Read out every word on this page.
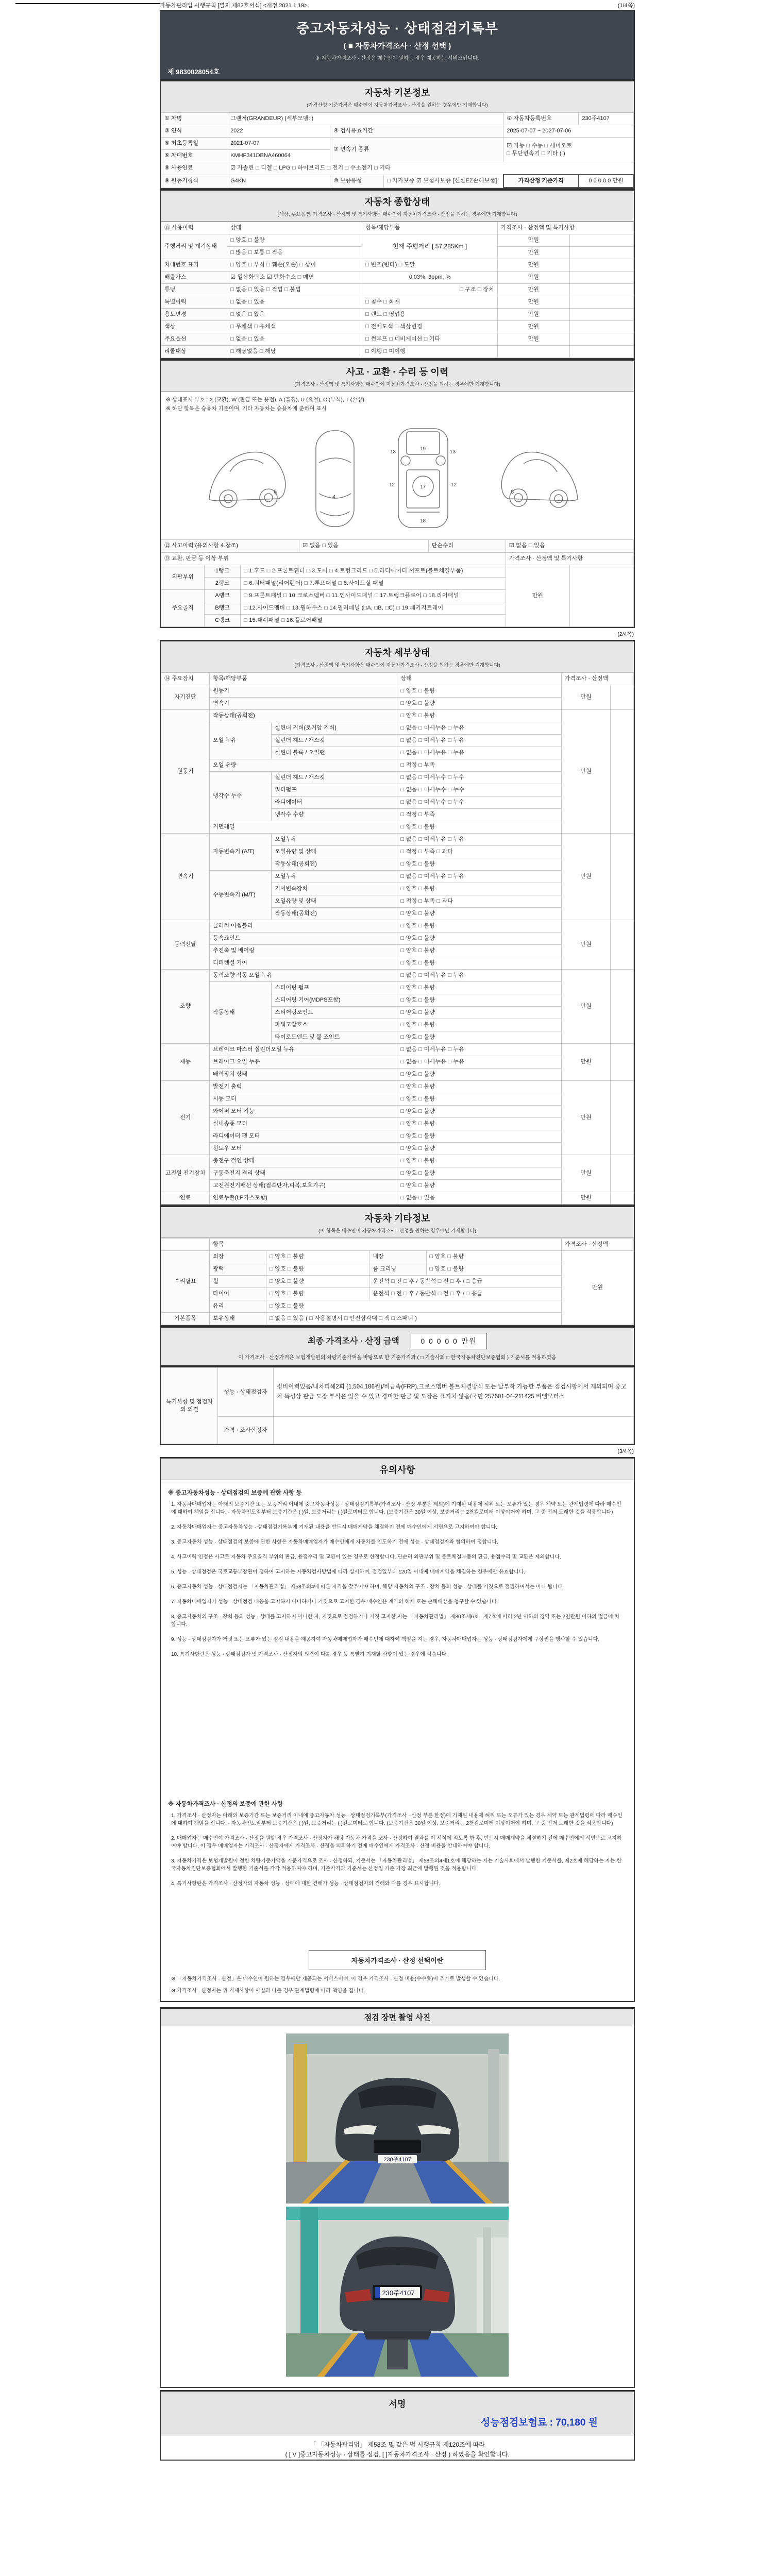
자동차관리법 시행규칙 [별지 제82호서식] <개정 2021.1.19>	(1/4쪽)
중고자동차성능 · 상태점검기록부
( ■ 자동차가격조사 · 산정 선택 )
※ 자동차가격조사 · 산정은 매수인이 원하는 경우 제공하는 서비스입니다.
제 9830028054호
자동차 기본정보
(가격산정 기준가격은 매수인이 자동차가격조사 · 산정을 원하는 경우에만 기재합니다)
① 차명	그랜저(GRANDEUR) (세부모델: )			② 자동차등록번호	230주4107
③ 연식	2022	④ 검사유효기간		2025-07-07 ~ 2027-07-06	
⑤ 최초등록일	2021-07-07	⑦ 변속기 종류		☑ 자동 □ 수동 □ 세미오토
□ 무단변속기 □ 기타 ( )	

⑥ 차대번호	KMHF341DBNA460064				
⑧ 사용연료	☑ 가솔린 □ 디젤 □ LPG □ 하이브리드 □ 전기 □ 수소전기 □ 기타				
⑨ 원동기형식	G4KN	⑩ 보증유형	□ 자가보증 ☑ 보험사보증 [신한EZ손해보험]	가격산정 기준가격	0 0 0 0 0 만원
자동차 종합상태
(색상, 주요옵션, 가격조사 · 산정액 및 특기사항은 매수인이 자동차가격조사 · 산정을 원하는 경우에만 기재합니다)
⑪ 사용이력	상태	항목/해당부품	가격조사 · 산정액 및 특기사항	
주행거리 및 계기상태	□ 양호 □ 불량	현재 주행거리 [ 57,285Km ]	만원	
	□ 많음 □ 보통 □ 적음		만원	
차대번호 표기	□ 양호 □ 부식 □ 훼손(오손) □ 상이	□ 변조(변타) □ 도말	만원	
배출가스	☑ 일산화탄소 ☑ 탄화수소 □ 매연	0.03%, 3ppm, %	만원	
튜닝	□ 없음 □ 있음 □ 적법 □ 불법	□ 구조 □ 장치	만원	
특별이력	□ 없음 □ 있음	□ 침수 □ 화재	만원	
용도변경	□ 없음 □ 있음	□ 렌트 □ 영업용	만원	
색상	□ 무채색 □ 유채색	□ 전체도색 □ 색상변경	만원	
주요옵션	□ 없음 □ 있음	□ 썬루프 □ 네비게이션 □ 기타	만원	
리콜대상	□ 해당없음 □ 해당	□ 이행 □ 미이행		
사고 · 교환 · 수리 등 이력
(가격조사 · 산정액 및 특기사항은 매수인이 자동차가격조사 · 산정을 원하는 경우에만 기재합니다)
※ 상태표시 부호 : X (교환), W (판금 또는 용접), A (흠집), U (요철), C (부식), T (손상)
※ 하단 항목은 승용차 기준이며, 기타 자동차는 승용차에 준하여 표시
6
4
13
19
13
12	17	12
18
6
⑫ 사고이력 (유의사항 4.참조)	☑ 없음 □ 있음	단순수리	☑ 없음 □ 있음
⑬ 교환, 판금 등 이상 부위			가격조사 · 산정액 및 특기사항	
외판부위	1랭크	□ 1.후드 □ 2.프론트휀더 □ 3.도어 □ 4.트렁크리드 □ 5.라디에이터 서포트(볼트체결부품)	만원	
	2랭크	□ 6.쿼터패널(리어휀더) □ 7.루프패널 □ 8.사이드실 패널		
주요골격	A랭크	□ 9.프론트패널 □ 10.크로스멤버 □ 11.인사이드패널 □ 17.트렁크플로어 □ 18.리어패널		
	B랭크	□ 12.사이드멤버 □ 13.휠하우스 □ 14.필러패널 (□A, □B, □C) □ 19.패키지트레이		
	C랭크	□ 15.대쉬패널 □ 16.플로어패널		
(2/4쪽)
자동차 세부상태
(가격조사 · 산정액 및 특기사항은 매수인이 자동차가격조사 · 산정을 원하는 경우에만 기재합니다)
⑭ 주요장치	항목/해당부품		상태	가격조사 · 산정액	
자기진단	원동기		□ 양호 □ 불량	만원	
	변속기		□ 양호 □ 불량		
원동기	작동상태(공회전)		□ 양호 □ 불량	만원	
	오일 누유	실린더 커버(로커암 커버)	□ 없음 □ 미세누유 □ 누유		
		실린더 헤드 / 개스킷	□ 없음 □ 미세누유 □ 누유		
		실린더 블록 / 오일팬	□ 없음 □ 미세누유 □ 누유		
	오일 유량		□ 적정 □ 부족		
	냉각수 누수	실린더 헤드 / 개스킷	□ 없음 □ 미세누수 □ 누수		
		워터펌프	□ 없음 □ 미세누수 □ 누수		
		라디에이터	□ 없음 □ 미세누수 □ 누수		
		냉각수 수량	□ 적정 □ 부족		
	커먼레일		□ 양호 □ 불량		
변속기	자동변속기 (A/T)	오일누유	□ 없음 □ 미세누유 □ 누유	만원	
		오일유량 및 상태	□ 적정 □ 부족 □ 과다		
		작동상태(공회전)	□ 양호 □ 불량		
	수동변속기 (M/T)	오일누유	□ 없음 □ 미세누유 □ 누유		
		기어변속장치	□ 양호 □ 불량		
		오일유량 및 상태	□ 적정 □ 부족 □ 과다		
		작동상태(공회전)	□ 양호 □ 불량		
동력전달	클러치 어셈블리		□ 양호 □ 불량	만원	
	등속죠인트		□ 양호 □ 불량		
	추진축 및 베어링		□ 양호 □ 불량		
	디퍼렌셜 기어		□ 양호 □ 불량		
조향	동력조향 작동 오일 누유		□ 없음 □ 미세누유 □ 누유	만원	
	작동상태	스티어링 펌프	□ 양호 □ 불량		
		스티어링 기어(MDPS포함)	□ 양호 □ 불량		
		스티어링조인트	□ 양호 □ 불량		
		파워고압호스	□ 양호 □ 불량		
		타이로드엔드 및 볼 조인트	□ 양호 □ 불량		
제동	브레이크 마스터 실린더오일 누유		□ 없음 □ 미세누유 □ 누유	만원	
	브레이크 오일 누유		□ 없음 □ 미세누유 □ 누유		
	배력장치 상태		□ 양호 □ 불량		
전기	발전기 출력		□ 양호 □ 불량	만원	
	시동 모터		□ 양호 □ 불량		
	와이퍼 모터 기능		□ 양호 □ 불량		
	실내송풍 모터		□ 양호 □ 불량		
	라디에이터 팬 모터		□ 양호 □ 불량		
	윈도우 모터		□ 양호 □ 불량		
고전원 전기장치	충전구 절연 상태		□ 양호 □ 불량	만원	
	구동축전지 격리 상태		□ 양호 □ 불량		
	고전원전기배선 상태(접속단자,피복,보호기구)		□ 양호 □ 불량		
연료	연료누출(LP가스포함)		□ 없음 □ 있음	만원	
자동차 기타정보
(이 항목은 매수인이 자동차가격조사 · 산정을 원하는 경우에만 기재합니다)
	항목				가격조사 · 산정액
수리필요	외장	□ 양호 □ 불량	내장	□ 양호 □ 불량	만원
	광택	□ 양호 □ 불량	룸 크리닝	□ 양호 □ 불량	
	휠	□ 양호 □ 불량	운전석 □ 전 □ 후 / 동반석 □ 전 □ 후 / □ 응급		
	타이어	□ 양호 □ 불량	운전석 □ 전 □ 후 / 동반석 □ 전 □ 후 / □ 응급		
	유리	□ 양호 □ 불량			
기본품목	보유상태	□ 없음 □ 있음 ( □ 사용설명서 □ 안전삼각대 □ 잭 □ 스패너 )			
최종 가격조사 · 산정 금액	0 0 0 0 0 만원
이 가격조사 · 산정가격은 보험개발원의 차량기준가액을 바탕으로 한 기준가격과 ( □ 기술사회 □ 한국자동차진단보증협회 ) 기준서를 적용하였음
특기사항 및 점검자의 의견	성능 · 상태점검자	정비이력있음/내차피해2회 (1,504,186원)/비금속(FRP),크로스멤버 볼트체결방식 또는 탈부착 가능한 부품은 점검사항에서 제외되며 중고차 특성상 판금 도장 부식은 있을 수 있고 경미한 판금 및 도장은 표기치 않음/국민 257601-04-211425 비엠모터스
	가격 · 조사산정자	
(3/4쪽)
유의사항
※ 중고자동차성능 · 상태점검의 보증에 관한 사항 등
1. 자동차매매업자는 아래의 보증기간 또는 보증거리 이내에 중고자동차성능 · 상태점검기록부(가격조사 · 산정 부분은 제외)에 기재된 내용에 허위 또는 오류가 있는 경우 계약 또는 관계법령에 따라 매수인에 대하여 책임을 집니다. · 자동차인도일부터 보증기간은 ( )일, 보증거리는 ( )킬로미터로 합니다. (보증기간은 30일 이상, 보증거리는 2천킬로미터 이상이어야 하며, 그 중 먼저 도래한 것을 적용합니다)
2. 자동차매매업자는 중고자동차성능 · 상태점검기록부에 기재된 내용을 반드시 매매계약을 체결하기 전에 매수인에게 서면으로 고지하여야 합니다.
3. 중고자동차 성능 · 상태점검의 보증에 관한 사항은 자동차매매업자가 매수인에게 자동차를 인도하기 전에 성능 · 상태점검자와 협의하여 정합니다.
4. 사고이력 인정은 사고로 자동차 주요골격 부위의 판금, 용접수리 및 교환이 있는 경우로 한정합니다. 단순히 외판부위 및 볼트체결부품의 판금, 용접수리 및 교환은 제외합니다.
5. 성능 · 상태점검은 국토교통부장관이 정하여 고시하는 자동차검사방법에 따라 실시하며, 점검일부터 120일 이내에 매매계약을 체결하는 경우에만 유효합니다.
6. 중고자동차 성능 · 상태점검자는 「자동차관리법」 제58조의4에 따른 자격을 갖추어야 하며, 해당 자동차의 구조 · 장치 등의 성능 · 상태를 거짓으로 점검하여서는 아니 됩니다.
7. 자동차매매업자가 성능 · 상태점검 내용을 고지하지 아니하거나 거짓으로 고지한 경우 매수인은 계약의 해제 또는 손해배상을 청구할 수 있습니다.
8. 중고자동차의 구조 · 장치 등의 성능 · 상태를 고지하지 아니한 자, 거짓으로 점검하거나 거짓 고지한 자는 「자동차관리법」 제80조제6호 · 제7호에 따라 2년 이하의 징역 또는 2천만원 이하의 벌금에 처합니다.
9. 성능 · 상태점검자가 거짓 또는 오류가 있는 점검 내용을 제공하여 자동차매매업자가 매수인에 대하여 책임을 지는 경우, 자동차매매업자는 성능 · 상태점검자에게 구상권을 행사할 수 있습니다.
10. 특기사항란은 성능 · 상태점검자 및 가격조사 · 산정자의 의견이 다를 경우 등 특별히 기재할 사항이 있는 경우에 적습니다.
※ 자동차가격조사 · 산정의 보증에 관한 사항
1. 가격조사 · 산정자는 아래의 보증기간 또는 보증거리 이내에 중고자동차 성능 · 상태점검기록부(가격조사 · 산정 부분 한정)에 기재된 내용에 허위 또는 오류가 있는 경우 계약 또는 관계법령에 따라 매수인에 대하여 책임을 집니다. · 자동차인도일부터 보증기간은 ( )일, 보증거리는 ( )킬로미터로 합니다. (보증기간은 30일 이상, 보증거리는 2천킬로미터 이상이어야 하며, 그 중 먼저 도래한 것을 적용합니다)
2. 매매업자는 매수인이 가격조사 · 산정을 원할 경우 가격조사 · 산정자가 해당 자동차 가격을 조사 · 산정하여 결과를 이 서식에 적도록 한 후, 반드시 매매계약을 체결하기 전에 매수인에게 서면으로 고지하여야 합니다. 이 경우 매매업자는 가격조사 · 산정자에게 가격조사 · 산정을 의뢰하기 전에 매수인에게 가격조사 · 산정 비용을 안내하여야 합니다.
3. 자동차가격은 보험개발원이 정한 차량기준가액을 기준가격으로 조사 · 산정하되, 기준서는 「자동차관리법」 제58조의4제1호에 해당하는 자는 기술사회에서 발행한 기준서를, 제2호에 해당하는 자는 한국자동차진단보증협회에서 발행한 기준서를 각각 적용하여야 하며, 기준가격과 기준서는 산정일 기준 가장 최근에 발행된 것을 적용합니다.
4. 특기사항란은 가격조사 · 산정자의 자동차 성능 · 상태에 대한 견해가 성능 · 상태점검자의 견해와 다를 경우 표시합니다.
자동차가격조사 · 산정 선택이란
※ 「자동차가격조사 · 산정」은 매수인이 원하는 경우에만 제공되는 서비스이며, 이 경우 가격조사 · 산정 비용(수수료)이 추가로 발생할 수 있습니다.
※ 가격조사 · 산정자는 위 기재사항이 사실과 다를 경우 관계법령에 따라 책임을 집니다.
점검 장면 촬영 사진
230주4107
230주4107
서명
성능점검보험료 : 70,180 원
「 「자동차관리법」 제58조 및 같은 법 시행규칙 제120조에 따라
( [ V ]중고자동차성능 · 상태를 점검, [ ]자동차가격조사 · 산정 ) 하였음을 확인합니다.
